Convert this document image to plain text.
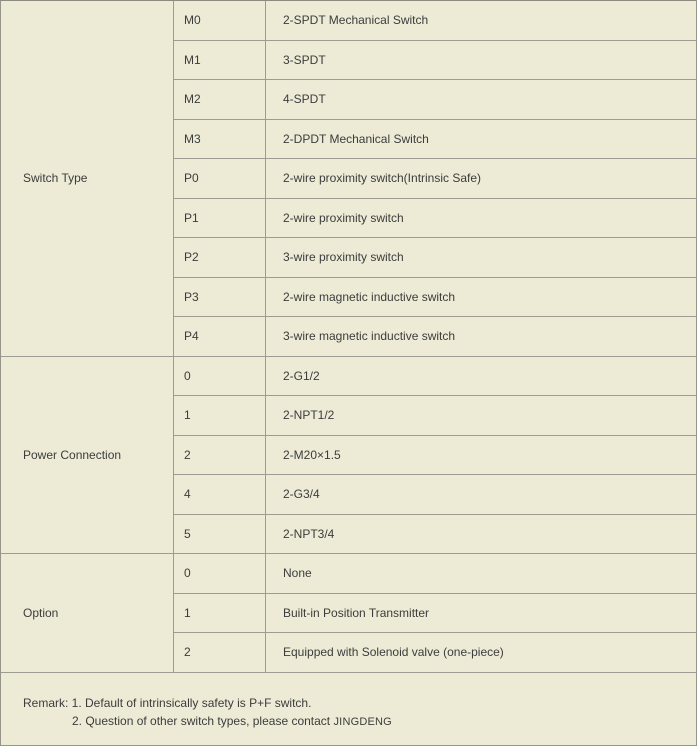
Switch Type
M0	2-SPDT Mechanical Switch
M1	3-SPDT
M2	4-SPDT
M3	2-DPDT Mechanical Switch
P0	2-wire proximity switch(Intrinsic Safe)
P1	2-wire proximity switch
P2	3-wire proximity switch
P3	2-wire magnetic inductive switch
P4	3-wire magnetic inductive switch
Power Connection
0	2-G1/2
1	2-NPT1/2
2	2-M20×1.5
4	2-G3/4
5	2-NPT3/4
Option
0	None
1	Built-in Position Transmitter
2	Equipped with Solenoid valve (one-piece)
Remark: 1. Default of intrinsically safety is P+F switch.
2. Question of other switch types, please contact JINGDENG
